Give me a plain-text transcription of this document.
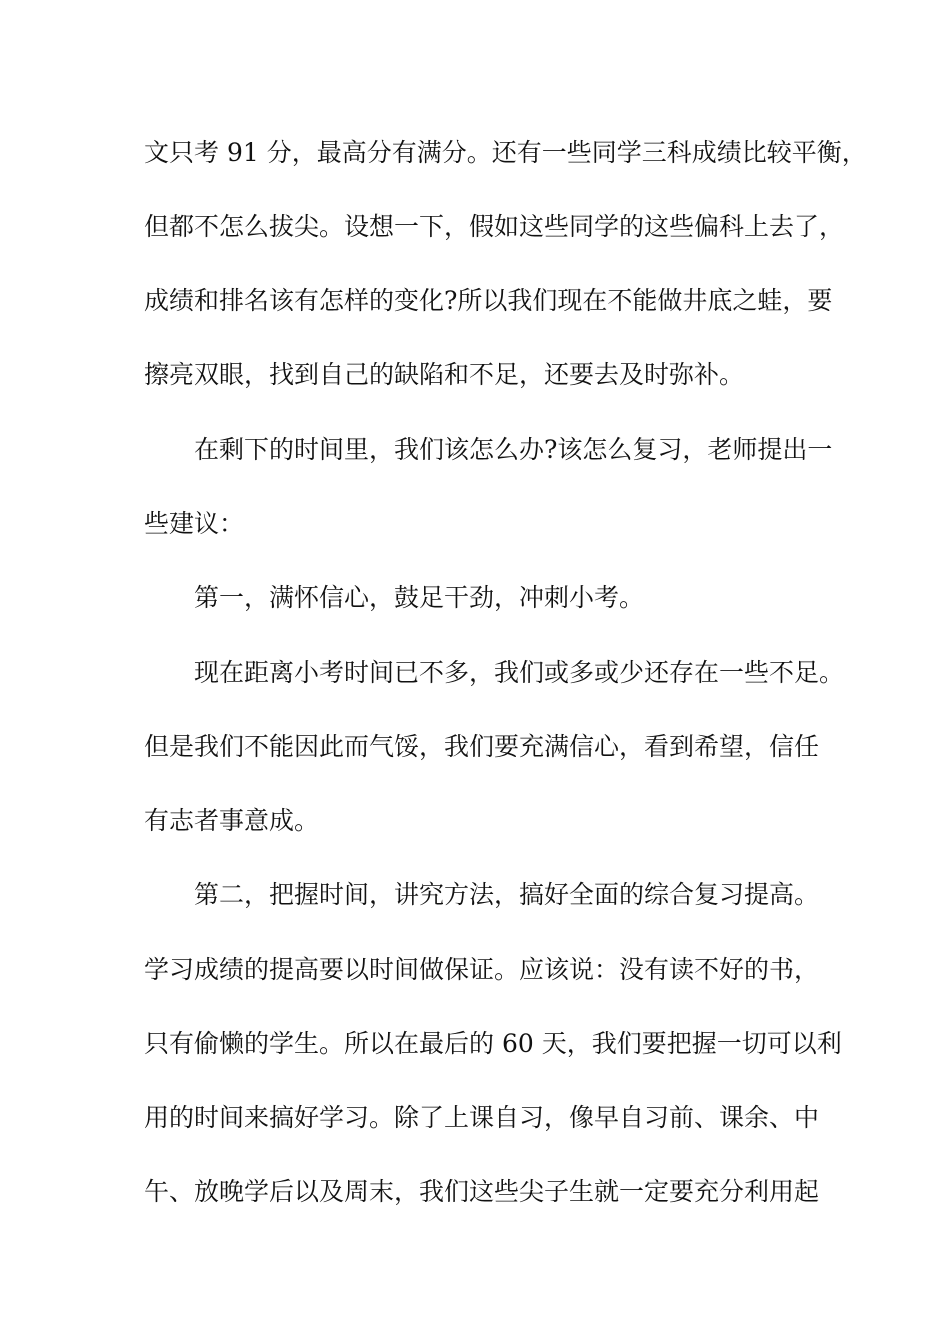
文只考 91 分，最高分有满分。还有一些同学三科成绩比较平衡，
但都不怎么拔尖。设想一下，假如这些同学的这些偏科上去了，
成绩和排名该有怎样的变化?所以我们现在不能做井底之蛙，要
擦亮双眼，找到自己的缺陷和不足，还要去及时弥补。
在剩下的时间里，我们该怎么办?该怎么复习，老师提出一
些建议：
第一，满怀信心，鼓足干劲，冲刺小考。
现在距离小考时间已不多，我们或多或少还存在一些不足。
但是我们不能因此而气馁，我们要充满信心，看到希望，信任
有志者事意成。
第二，把握时间，讲究方法，搞好全面的综合复习提高。
学习成绩的提高要以时间做保证。应该说：没有读不好的书，
只有偷懒的学生。所以在最后的 60 天，我们要把握一切可以利
用的时间来搞好学习。除了上课自习，像早自习前、课余、中
午、放晚学后以及周末，我们这些尖子生就一定要充分利用起
